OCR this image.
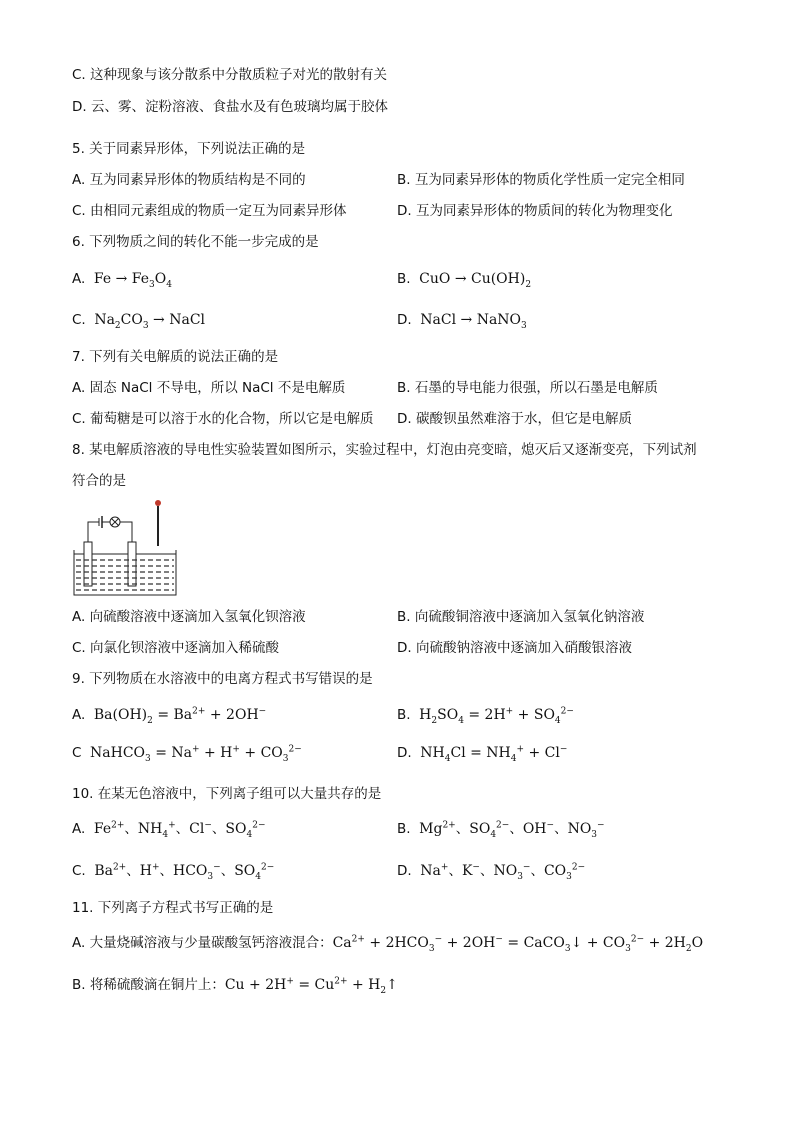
C. 这种现象与该分散系中分散质粒子对光的散射有关
D. 云、雾、淀粉溶液、食盐水及有色玻璃均属于胶体
5. 关于同素异形体，下列说法正确的是
A. 互为同素异形体的物质结构是不同的	B. 互为同素异形体的物质化学性质一定完全相同
C. 由相同元素组成的物质一定互为同素异形体	D. 互为同素异形体的物质间的转化为物理变化
6. 下列物质之间的转化不能一步完成的是
A. $Fe \to Fe_3O_4$	B. CuO → $Cu(OH)_2$
C. $Na_2CO_3$ → NaCl	D. NaCl → NaNO$_3$
7. 下列有关电解质的说法正确的是
A. 固态 NaCl 不导电，所以 NaCl 不是电解质	B. 石墨的导电能力很强，所以石墨是电解质
C. 葡萄糖是可以溶于水的化合物，所以它是电解质 D. 碳酸钡虽然难溶于水，但它是电解质
8. 某电解质溶液的导电性实验装置如图所示，实验过程中，灯泡由亮变暗，熄灭后又逐渐变亮，下列试剂
符合的是
A. 向硫酸溶液中逐滴加入氢氧化钡溶液	B. 向硫酸铜溶液中逐滴加入氢氧化钠溶液
C. 向氯化钡溶液中逐滴加入稀硫酸	D. 向硫酸钠溶液中逐滴加入硝酸银溶液
9. 下列物质在水溶液中的电离方程式书写错误的是
A. $Ba(OH)_2 = Ba^{2+} + 2OH^-$	B. $H_2SO_4 = 2H^+ + SO_4^{2-}$
C NaHCO$_3$ = $Na^+ + H^+ + CO_3^{2-}$	D. $NH_4Cl = NH_4^+ + Cl^-$
10. 在某无色溶液中，下列离子组可以大量共存的是
A. $Fe^{2+}$、$NH_4^+$、Cl−、$SO_4^{2-}$	B. $Mg^{2+}$、$SO_4^{2-}$、OH−、$NO_3^-$
C. $Ba^{2+}$、H+、$HCO_3^-$、$SO_4^{2-}$	D. Na+、K−、$NO_3^-$、$CO_3^{2-}$
11. 下列离子方程式书写正确的是
A. 大量烧碱溶液与少量碳酸氢钙溶液混合：$Ca^{2+} + 2HCO_3^- + 2OH^-$ = CaCO$_3$↓ + $CO_3^{2-} + 2H_2O$
B. 将稀硫酸滴在铜片上：$Cu + 2H^+ = Cu^{2+}$ + $H_2↑$
